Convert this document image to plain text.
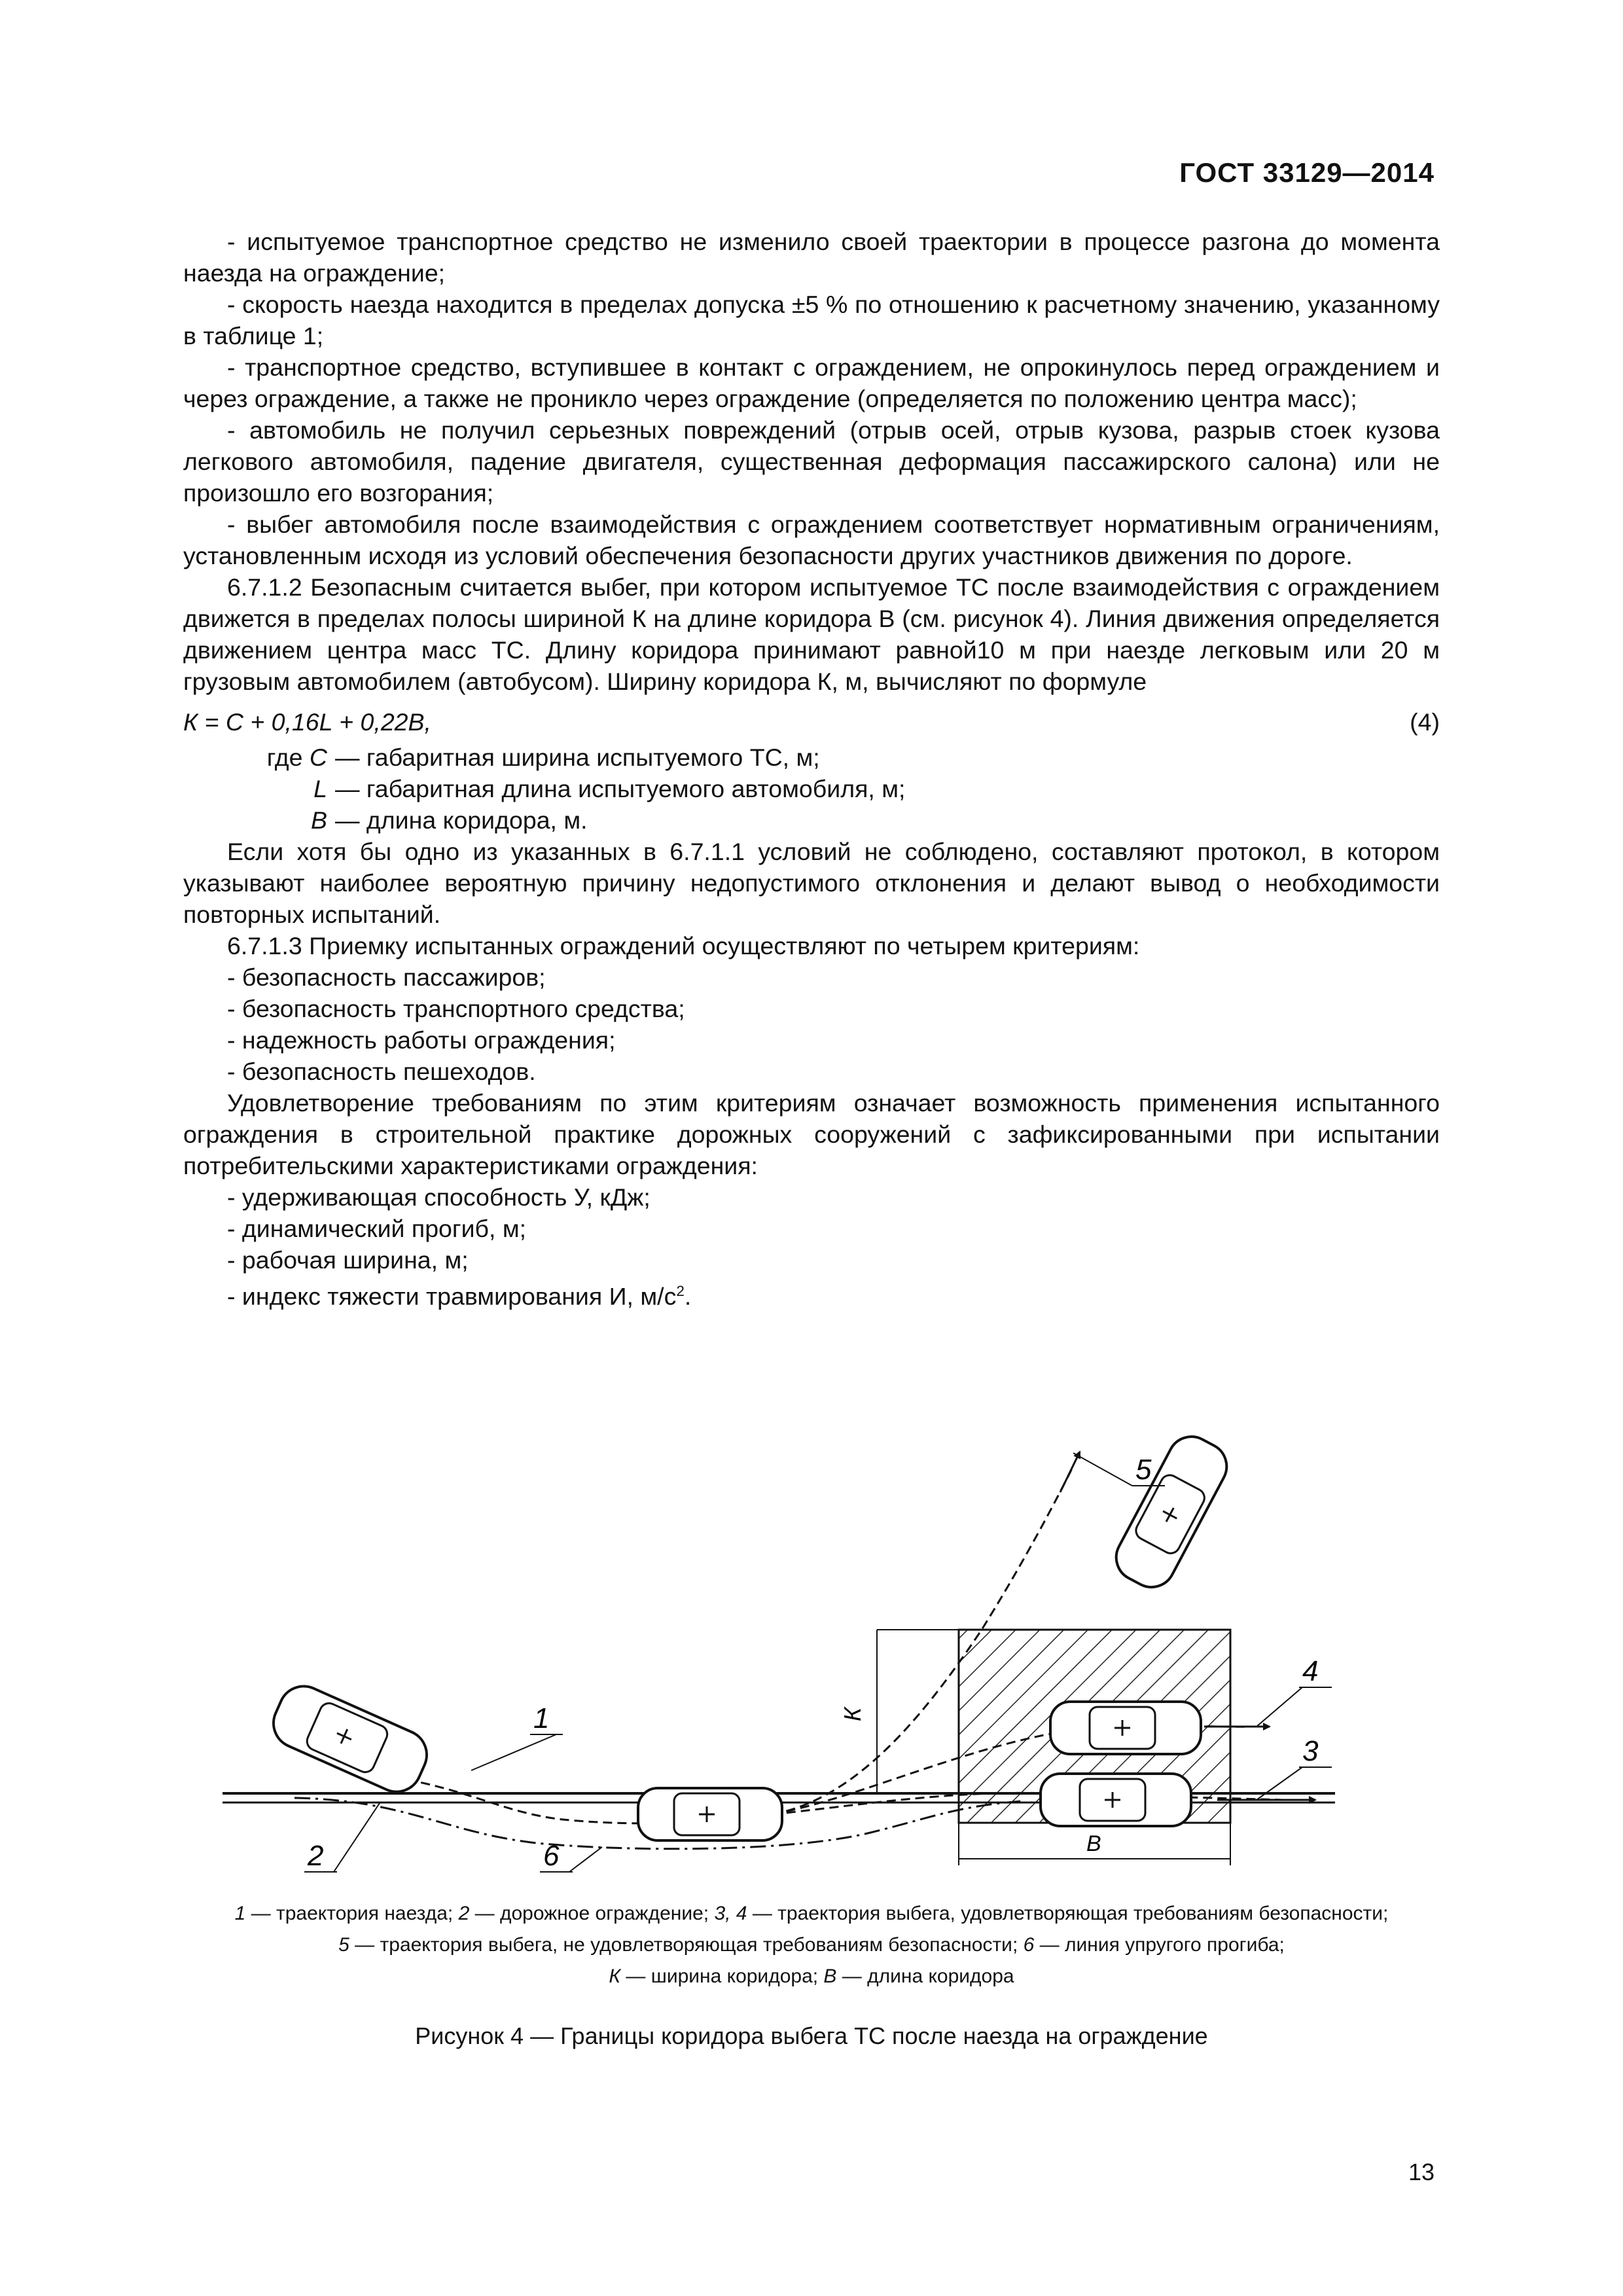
ГОСТ 33129—2014

- испытуемое транспортное средство не изменило своей траектории в процессе разгона до момента наезда на ограждение;

- скорость наезда находится в пределах допуска ±5 % по отношению к расчетному значению, указанному в таблице 1;

- транспортное средство, вступившее в контакт с ограждением, не опрокинулось перед ограждением и через ограждение, а также не проникло через ограждение (определяется по положению центра масс);

- автомобиль не получил серьезных повреждений (отрыв осей, отрыв кузова, разрыв стоек кузова легкового автомобиля, падение двигателя, существенная деформация пассажирского салона) или не произошло его возгорания;

- выбег автомобиля после взаимодействия с ограждением соответствует нормативным ограничениям, установленным исходя из условий обеспечения безопасности других участников движения по дороге.

6.7.1.2 Безопасным считается выбег, при котором испытуемое ТС после взаимодействия с ограждением движется в пределах полосы шириной К на длине коридора В (см. рисунок 4). Линия движения определяется движением центра масс ТС. Длину коридора принимают равной10 м при наезде легковым или 20 м грузовым автомобилем (автобусом). Ширину коридора К, м, вычисляют по формуле

К = С + 0,16L + 0,22В,	(4)

где С — габаритная ширина испытуемого ТС, м;
L — габаритная длина испытуемого автомобиля, м;
В — длина коридора, м.

Если хотя бы одно из указанных в 6.7.1.1 условий не соблюдено, составляют протокол, в котором указывают наиболее вероятную причину недопустимого отклонения и делают вывод о необходимости повторных испытаний.

6.7.1.3 Приемку испытанных ограждений осуществляют по четырем критериям:

- безопасность пассажиров;

- безопасность транспортного средства;

- надежность работы ограждения;

- безопасность пешеходов.

Удовлетворение требованиям по этим критериям означает возможность применения испытанного ограждения в строительной практике дорожных сооружений с зафиксированными при испытании потребительскими характеристиками ограждения:

- удерживающая способность У, кДж;

- динамический прогиб, м;

- рабочая ширина, м;

- индекс тяжести травмирования И, $м/с^2$.

К
В
1
2	6
3
4
5

1 — траектория наезда; 2 — дорожное ограждение; 3, 4 — траектория выбега, удовлетворяющая требованиям безопасности;

5 — траектория выбега, не удовлетворяющая требованиям безопасности; 6 — линия упругого прогиба;

К — ширина коридора; В — длина коридора

Рисунок 4 — Границы коридора выбега ТС после наезда на ограждение
13
